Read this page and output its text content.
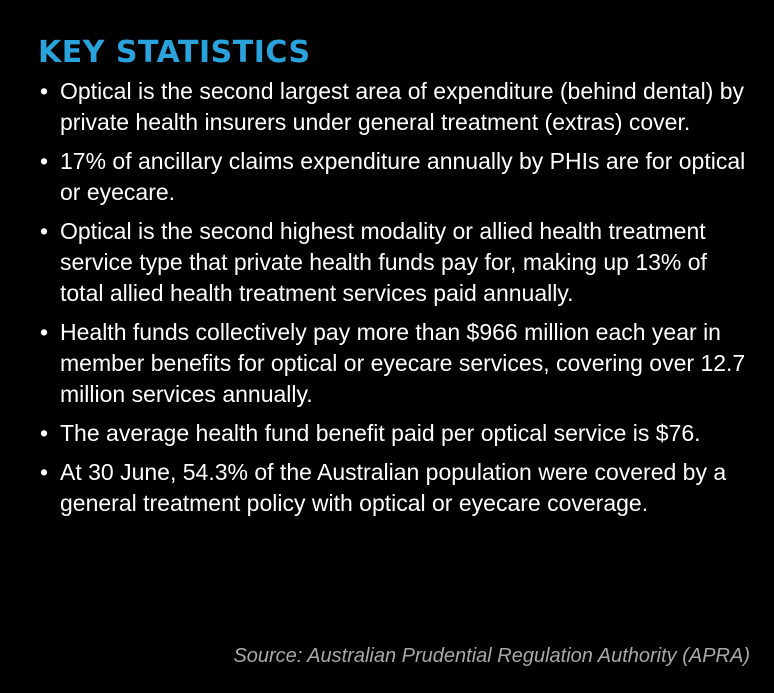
KEY STATISTICS
• Optical is the second largest area of expenditure (behind dental) by private health insurers under general treatment (extras) cover.
• 17% of ancillary claims expenditure annually by PHIs are for optical or eyecare.
• Optical is the second highest modality or allied health treatment service type that private health funds pay for, making up 13% of total allied health treatment services paid annually.
• Health funds collectively pay more than $966 million each year in member benefits for optical or eyecare services, covering over 12.7 million services annually.
• The average health fund benefit paid per optical service is $76.
• At 30 June, 54.3% of the Australian population were covered by a general treatment policy with optical or eyecare coverage.
Source: Australian Prudential Regulation Authority (APRA)
